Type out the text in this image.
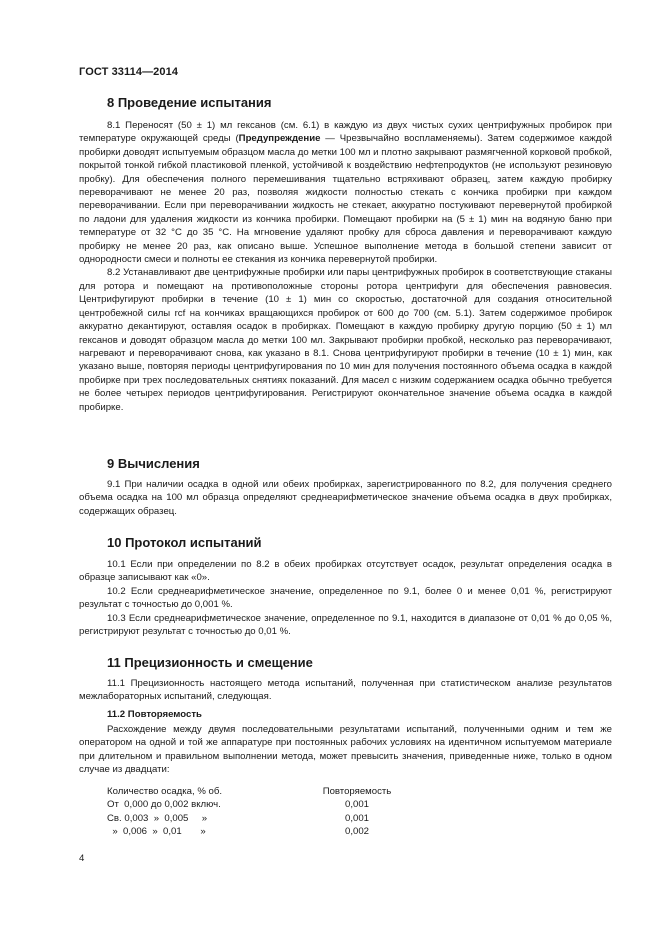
ГОСТ 33114—2014
8 Проведение испытания

8.1 Переносят (50 ± 1) мл гексанов (см. 6.1) в каждую из двух чистых сухих центрифужных пробирок при температуре окружающей среды (Предупреждение — Чрезвычайно воспламеняемы). Затем содержимое каждой пробирки доводят испытуемым образцом масла до метки 100 мл и плотно закрывают размягченной корковой пробкой, покрытой тонкой гибкой пластиковой пленкой, устойчивой к воздействию нефтепродуктов (не используют резиновую пробку). Для обеспечения полного перемешивания тщательно встряхивают образец, затем каждую пробирку переворачивают не менее 20 раз, позволяя жидкости полностью стекать с кончика пробирки при каждом переворачивании. Если при переворачивании жидкость не стекает, аккуратно постукивают перевернутой пробиркой по ладони для удаления жидкости из кончика пробирки. Помещают пробирки на (5 ± 1) мин на водяную баню при температуре от 32 °С до 35 °С. На мгновение удаляют пробку для сброса давления и переворачивают каждую пробирку не менее 20 раз, как описано выше. Успешное выполнение метода в большой степени зависит от однородности смеси и полноты ее стекания из кончика перевернутой пробирки.

8.2 Устанавливают две центрифужные пробирки или пары центрифужных пробирок в соответствующие стаканы для ротора и помещают на противоположные стороны ротора центрифуги для обеспечения равновесия. Центрифугируют пробирки в течение (10 ± 1) мин со скоростью, достаточной для создания относительной центробежной силы rcf на кончиках вращающихся пробирок от 600 до 700 (см. 5.1). Затем содержимое пробирок аккуратно декантируют, оставляя осадок в пробирках. Помещают в каждую пробирку другую порцию (50 ± 1) мл гексанов и доводят образцом масла до метки 100 мл. Закрывают пробирки пробкой, несколько раз переворачивают, нагревают и переворачивают снова, как указано в 8.1. Снова центрифугируют пробирки в течение (10 ± 1) мин, как указано выше, повторяя периоды центрифугирования по 10 мин для получения постоянного объема осадка в каждой пробирке при трех последовательных снятиях показаний. Для масел с низким содержанием осадка обычно требуется не более четырех периодов центрифугирования. Регистрируют окончательное значение объема осадка в каждой пробирке.

9 Вычисления

9.1 При наличии осадка в одной или обеих пробирках, зарегистрированного по 8.2, для получения среднего объема осадка на 100 мл образца определяют среднеарифметическое значение объема осадка в двух пробирках, содержащих образец.

10 Протокол испытаний

10.1 Если при определении по 8.2 в обеих пробирках отсутствует осадок, результат определения осадка в образце записывают как «0».

10.2 Если среднеарифметическое значение, определенное по 9.1, более 0 и менее 0,01 %, регистрируют результат с точностью до 0,001 %.

10.3 Если среднеарифметическое значение, определенное по 9.1, находится в диапазоне от 0,01 % до 0,05 %, регистрируют результат с точностью до 0,01 %.

11 Прецизионность и смещение

11.1 Прецизионность настоящего метода испытаний, полученная при статистическом анализе результатов межлабораторных испытаний, следующая.

11.2 Повторяемость

Расхождение между двумя последовательными результатами испытаний, полученными одним и тем же оператором на одной и той же аппаратуре при постоянных рабочих условиях на идентичном испытуемом материале при длительном и правильном выполнении метода, может превысить значения, приведенные ниже, только в одном случае из двадцати:

Количество осадка, % об.	Повторяемость
От  0,000 до 0,002 включ.	0,001
Св. 0,003  »  0,005     »	0,001
»  0,006  »  0,01       »	0,002
4
